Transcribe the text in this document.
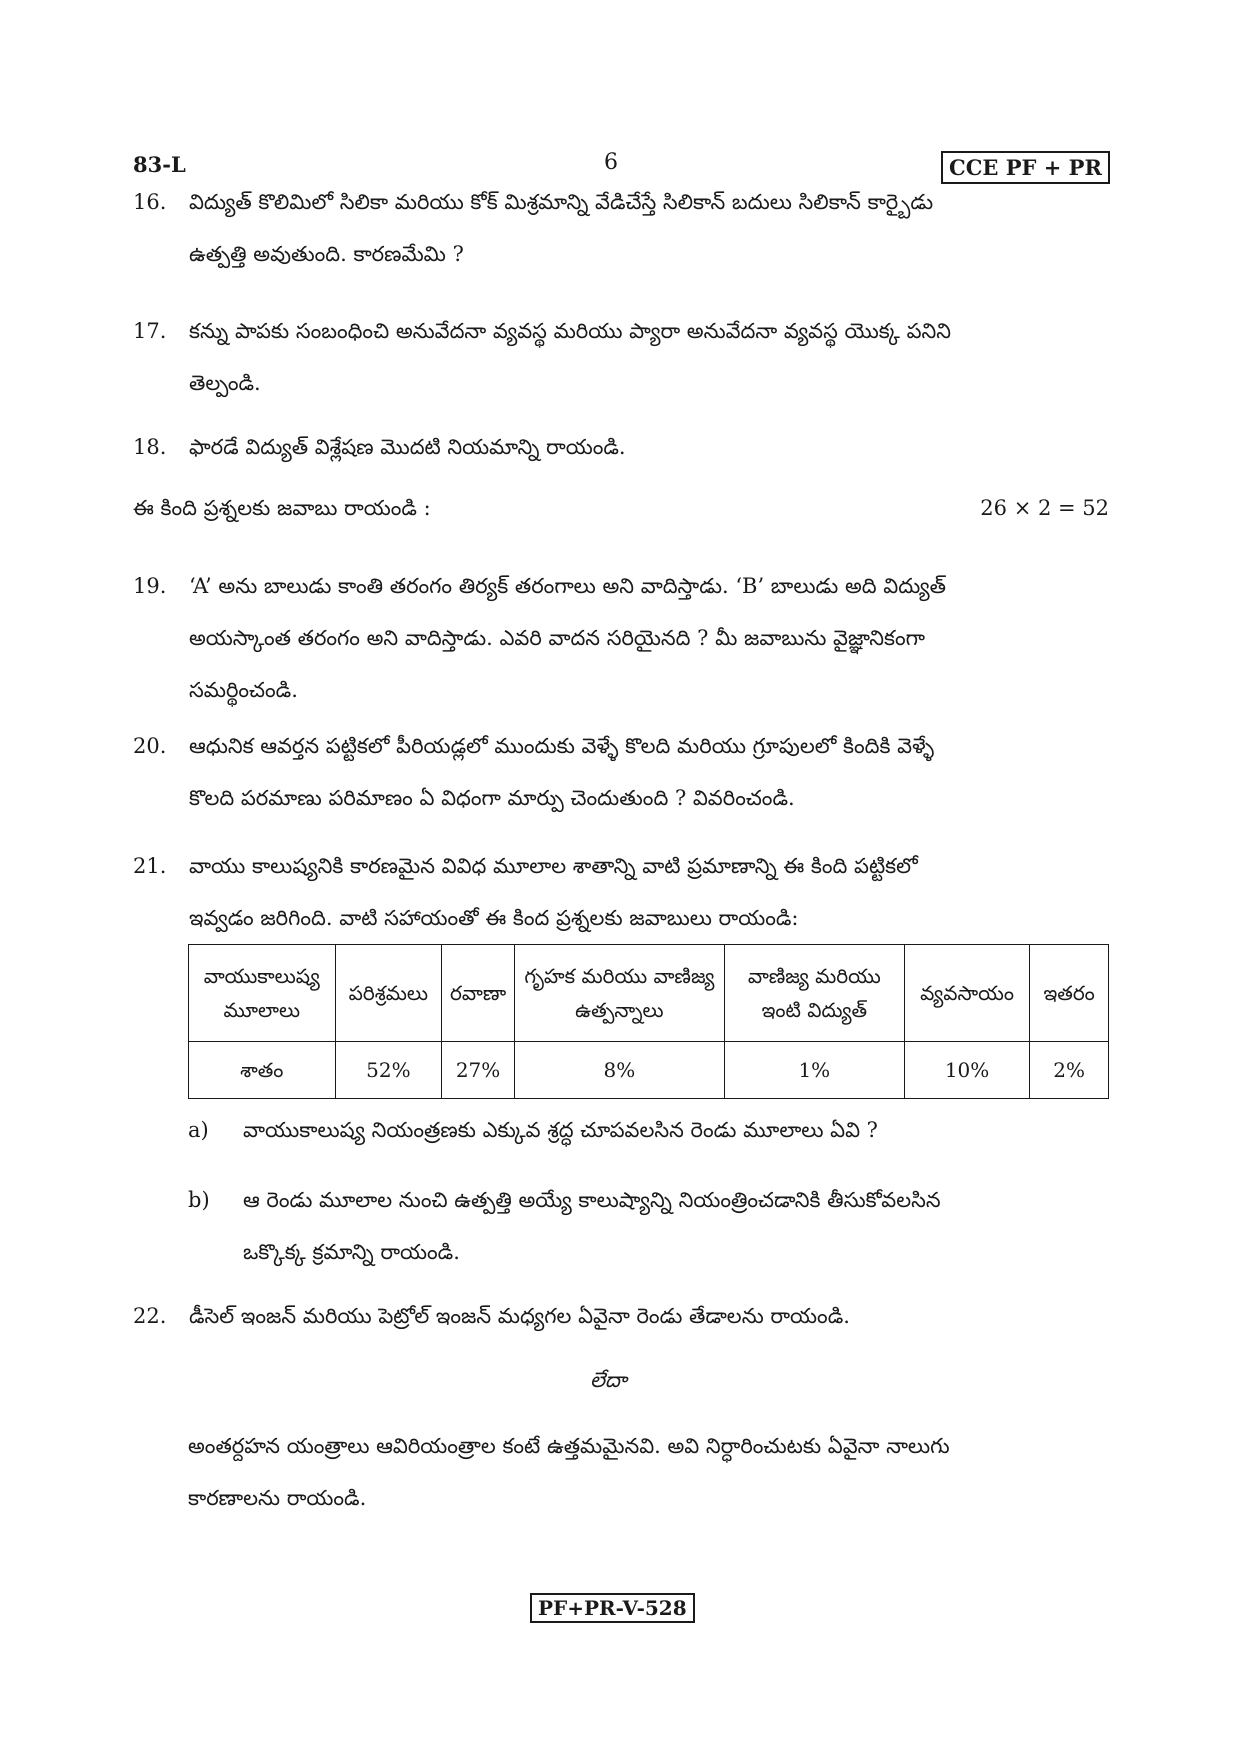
83-L	6	CCE PF + PR
16.	విద్యుత్ కొలిమిలో సిలికా మరియు కోక్ మిశ్రమాన్ని వేడిచేస్తే సిలికాన్ బదులు సిలికాన్ కార్బైడు
ఉత్పత్తి అవుతుంది. కారణమేమి ?
17.	కన్ను పాపకు సంబంధించి అనువేదనా వ్యవస్థ మరియు ప్యారా అనువేదనా వ్యవస్థ యొక్క పనిని
తెల్పండి.
18.	ఫారడే విద్యుత్ విశ్లేషణ మొదటి నియమాన్ని రాయండి.
ఈ కింది ప్రశ్నలకు జవాబు రాయండి :	26 × 2 = 52
19.	‘A’ అను బాలుడు కాంతి తరంగం తిర్యక్ తరంగాలు అని వాదిస్తాడు. ‘B’ బాలుడు అది విద్యుత్
అయస్కాంత తరంగం అని వాదిస్తాడు. ఎవరి వాదన సరియైనది ? మీ జవాబును వైజ్ఞానికంగా
సమర్థించండి.
20.	ఆధునిక ఆవర్తన పట్టికలో పీరియడ్లలో ముందుకు వెళ్ళే కొలది మరియు గ్రూపులలో కిందికి వెళ్ళే
కొలది పరమాణు పరిమాణం ఏ విధంగా మార్పు చెందుతుంది ? వివరించండి.
21.	వాయు కాలుష్యనికి కారణమైన వివిధ మూలాల శాతాన్ని వాటి ప్రమాణాన్ని ఈ కింది పట్టికలో
ఇవ్వడం జరిగింది. వాటి సహాయంతో ఈ కింద ప్రశ్నలకు జవాబులు రాయండి:
వాయుకాలుష్య
మూలాలు	పరిశ్రమలు	రవాణా	గృహక మరియు వాణిజ్య ఉత్పన్నాలు	వాణిజ్య మరియు ఇంటి విద్యుత్	వ్యవసాయం	ఇతరం
శాతం	52%	27%	8%	1%	10%	2%
a) వాయుకాలుష్య నియంత్రణకు ఎక్కువ శ్రద్ధ చూపవలసిన రెండు మూలాలు ఏవి ?
b) ఆ రెండు మూలాల నుంచి ఉత్పత్తి అయ్యే కాలుష్యాన్ని నియంత్రించడానికి తీసుకోవలసిన
ఒక్కొక్క క్రమాన్ని రాయండి.
22.	డీసెల్ ఇంజన్ మరియు పెట్రోల్ ఇంజన్ మధ్యగల ఏవైనా రెండు తేడాలను రాయండి.
లేదా
అంతర్దహన యంత్రాలు ఆవిరియంత్రాల కంటే ఉత్తమమైనవి. అవి నిర్ధారించుటకు ఏవైనా నాలుగు
కారణాలను రాయండి.
PF+PR-V-528
